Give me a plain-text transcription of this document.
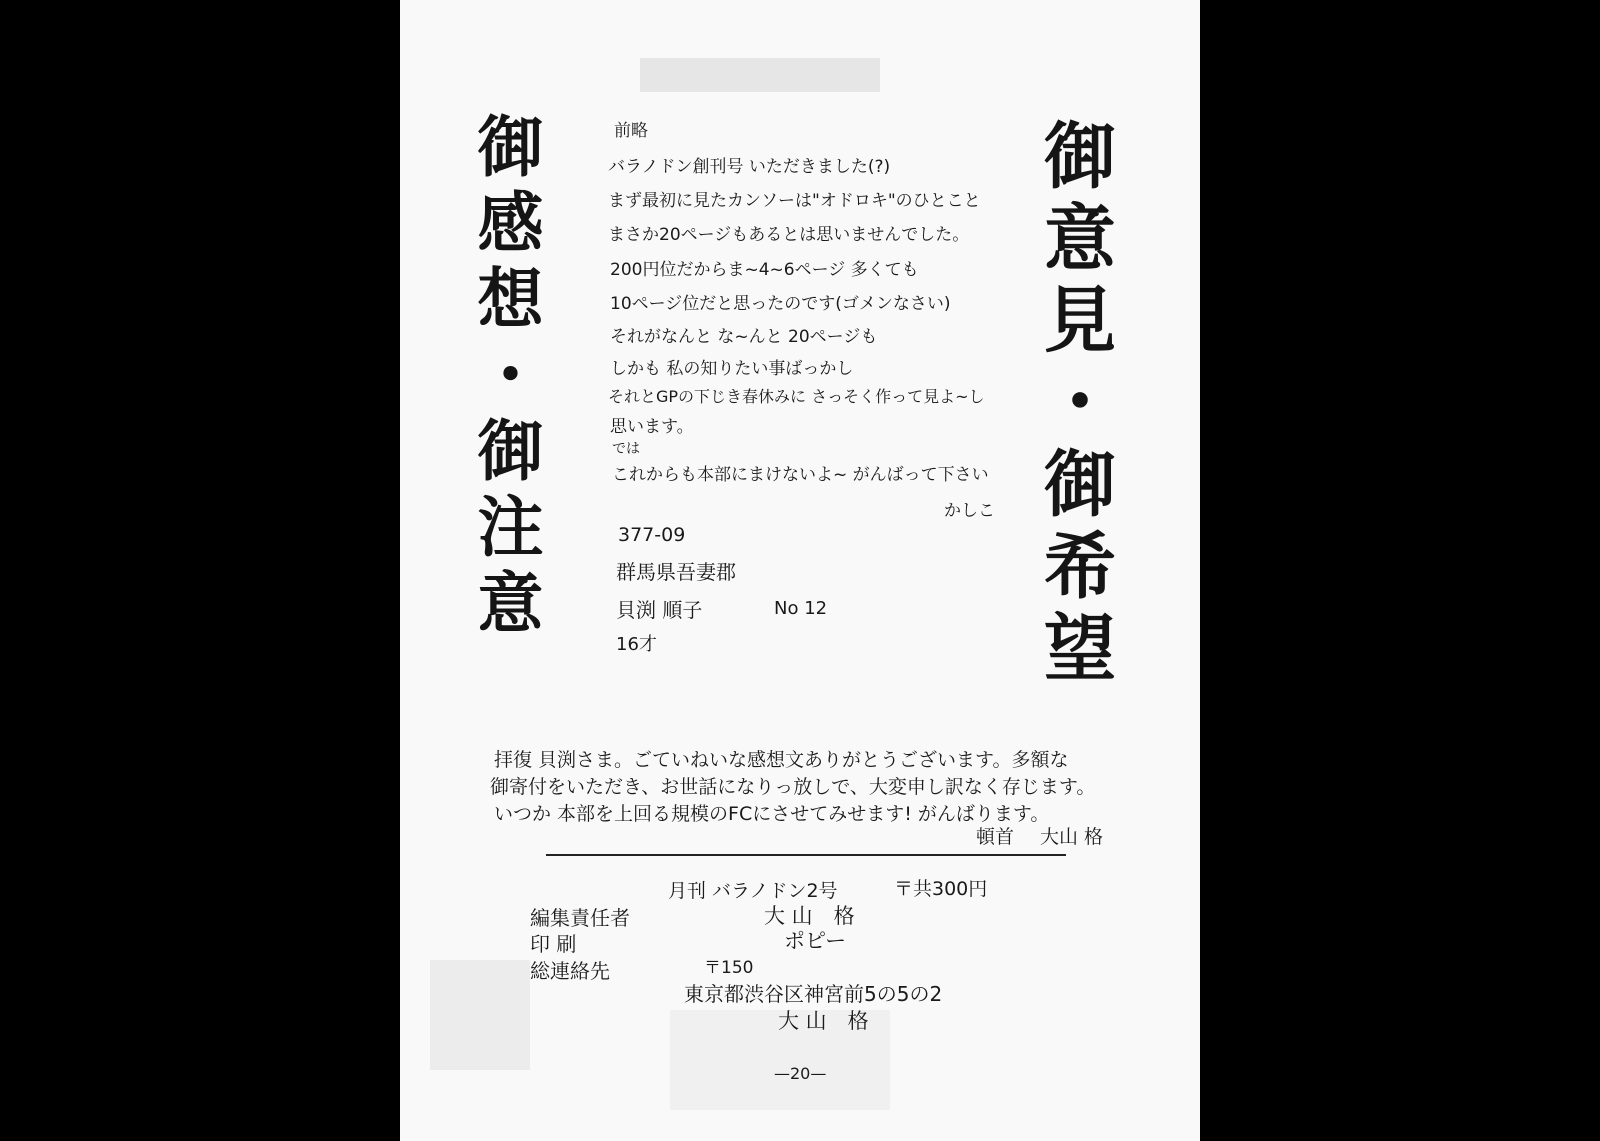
御感想・御注意	御意見・御希望
前略
バラノドン創刊号 いただきました(?)
まず最初に見たカンソーは"オドロキ"のひとこと
まさか20ページもあるとは思いませんでした。
200円位だからま~4~6ページ 多くても
10ページ位だと思ったのです(ゴメンなさい)
それがなんと な~んと 20ページも
しかも 私の知りたい事ばっかし
それとGPの下じき春休みに さっそく作って見よ~し
思います。
では
これからも本部にまけないよ~ がんばって下さい
かしこ
377-09
群馬県吾妻郡
貝渕 順子	No 12
16才
拝復 貝渕さま。ごていねいな感想文ありがとうございます。多額な
御寄付をいただき、お世話になりっ放しで、大変申し訳なく存じます。
いつか 本部を上回る規模のFCにさせてみせます! がんばります。
頓首 大山 格
月刊 バラノドン2号	〒共300円
編集責任者	大 山　格
印 刷	ポピー
総連絡先	〒150
東京都渋谷区神宮前5の5の2
大 山　格
—20—
